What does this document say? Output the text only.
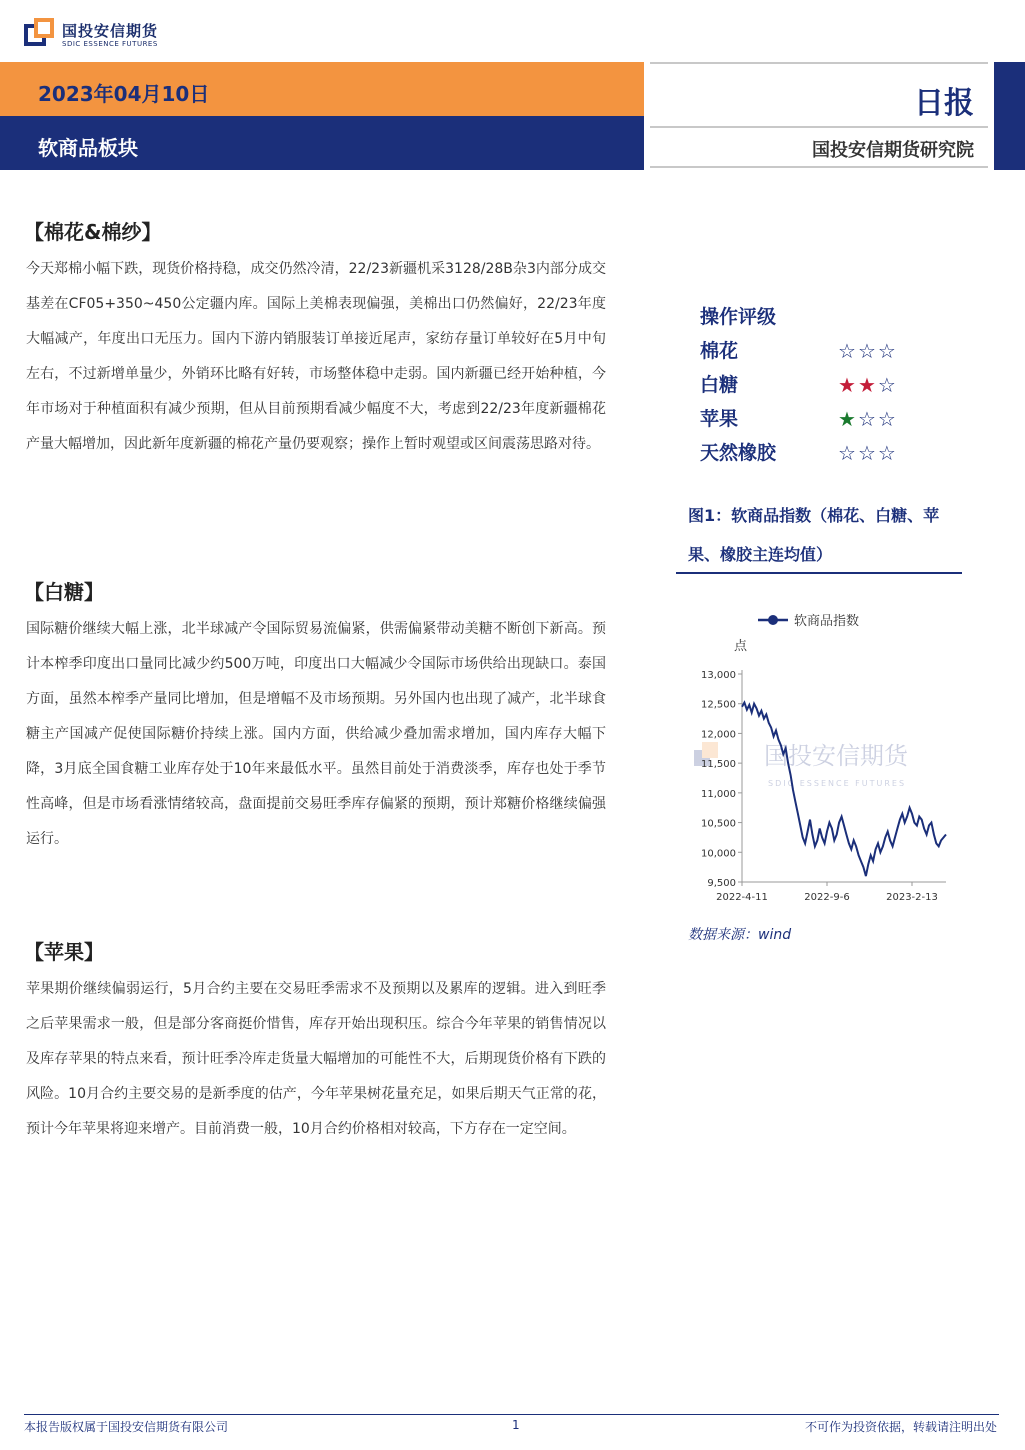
国投安信期货
SDIC ESSENCE FUTURES
2023年04月10日
软商品板块
日报
国投安信期货研究院
【棉花&棉纱】
今天郑棉小幅下跌，现货价格持稳，成交仍然冷清，22/23新疆机采3128/28B杂3内部分成交基差在CF05+350~450公定疆内库。国际上美棉表现偏强，美棉出口仍然偏好，22/23年度大幅减产，年度出口无压力。国内下游内销服装订单接近尾声，家纺存量订单较好在5月中旬左右，不过新增单量少，外销环比略有好转，市场整体稳中走弱。国内新疆已经开始种植，今年市场对于种植面积有减少预期，但从目前预期看减少幅度不大，考虑到22/23年度新疆棉花产量大幅增加，因此新年度新疆的棉花产量仍要观察；操作上暂时观望或区间震荡思路对待。
【白糖】
国际糖价继续大幅上涨，北半球减产令国际贸易流偏紧，供需偏紧带动美糖不断创下新高。预计本榨季印度出口量同比减少约500万吨，印度出口大幅减少令国际市场供给出现缺口。泰国方面，虽然本榨季产量同比增加，但是增幅不及市场预期。另外国内也出现了减产，北半球食糖主产国减产促使国际糖价持续上涨。国内方面，供给减少叠加需求增加，国内库存大幅下降，3月底全国食糖工业库存处于10年来最低水平。虽然目前处于消费淡季，库存也处于季节性高峰，但是市场看涨情绪较高，盘面提前交易旺季库存偏紧的预期，预计郑糖价格继续偏强运行。
【苹果】
苹果期价继续偏弱运行，5月合约主要在交易旺季需求不及预期以及累库的逻辑。进入到旺季之后苹果需求一般，但是部分客商挺价惜售，库存开始出现积压。综合今年苹果的销售情况以及库存苹果的特点来看，预计旺季冷库走货量大幅增加的可能性不大，后期现货价格有下跌的风险。10月合约主要交易的是新季度的估产，今年苹果树花量充足，如果后期天气正常的花，预计今年苹果将迎来增产。目前消费一般，10月合约价格相对较高，下方存在一定空间。
操作评级
棉花	☆☆☆
白糖	★★☆
苹果	★☆☆
天然橡胶	☆☆☆
图1：软商品指数（棉花、白糖、苹果、橡胶主连均值）
软商品指数
点
国投安信期货
SDIC ESSENCE FUTURES
9,500
10,000
10,500
11,000
11,500
12,000
12,500
13,000
2022-4-11	2022-9-6	2023-2-13
数据来源：wind
本报告版权属于国投安信期货有限公司	1	不可作为投资依据，转载请注明出处
